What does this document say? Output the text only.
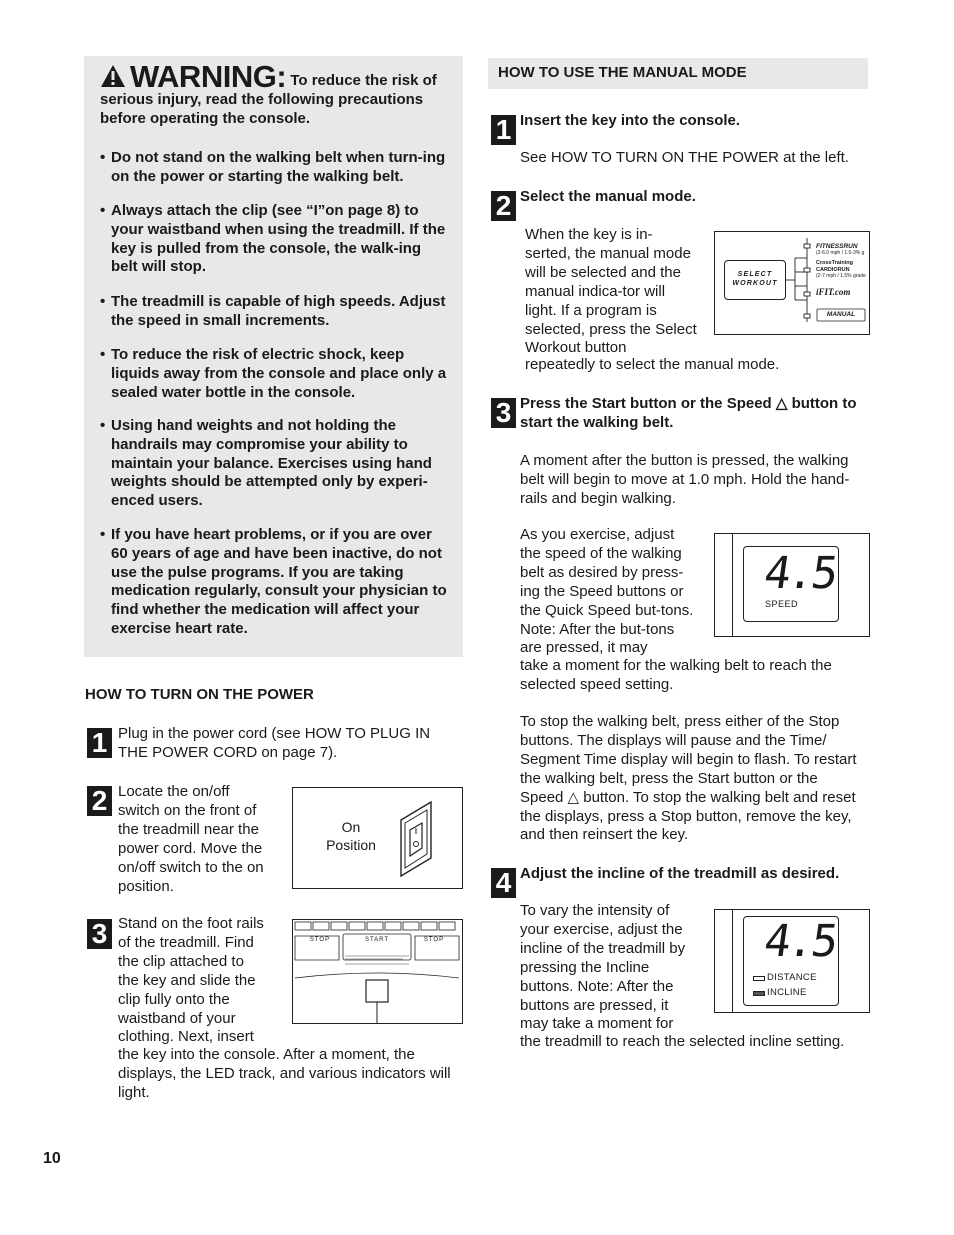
WARNING: To reduce the risk of serious injury, read the following precautions before operating the console.
• Do not stand on the walking belt when turn-ing on the power or starting the walking belt.
• Always attach the clip (see “I”on page 8) to your waistband when using the treadmill. If the key is pulled from the console, the walk-ing belt will stop.
• The treadmill is capable of high speeds. Adjust the speed in small increments.
• To reduce the risk of electric shock, keep liquids away from the console and place only a sealed water bottle in the console.
• Using hand weights and not holding the handrails may compromise your ability to maintain your balance. Exercises using hand weights should be attempted only by experi-enced users.
• If you have heart problems, or if you are over 60 years of age and have been inactive, do not use the pulse programs. If you are taking medication regularly, consult your physician to find whether the medication will affect your exercise heart rate.
HOW TO TURN ON THE POWER
1 Plug in the power cord (see HOW TO PLUG IN THE POWER CORD on page 7).
2 Locate the on/off switch on the front of the treadmill near the power cord. Move the on/off switch to the on position.
On Position
3 Stand on the foot rails of the treadmill. Find the clip attached to the key and slide the clip fully onto the waistband of your clothing. Next, insert
the key into the console. After a moment, the displays, the LED track, and various indicators will light.
STOP	START	STOP
HOW TO USE THE MANUAL MODE
1 Insert the key into the console.
See HOW TO TURN ON THE POWER at the left.
2 Select the manual mode.
When the key is in-serted, the manual mode will be selected and the manual indica-tor will light. If a program is selected, press the Select Workout button
repeatedly to select the manual mode.
SELECT WORKOUT
FITNESSRUN
(2-6.0 mph / 1.5-3% g
CrossTraining CARDIORUN
(2-7 mph / 1.5% grade
iFIT.com
MANUAL
3 Press the Start button or the Speed △ button to start the walking belt.
A moment after the button is pressed, the walking belt will begin to move at 1.0 mph. Hold the hand-rails and begin walking.
As you exercise, adjust the speed of the walking belt as desired by press-ing the Speed buttons or the Quick Speed but-tons. Note: After the but-tons are pressed, it may
take a moment for the walking belt to reach the selected speed setting.
4.5
SPEED
To stop the walking belt, press either of the Stop buttons. The displays will pause and the Time/ Segment Time display will begin to flash. To restart the walking belt, press the Start button or the Speed △ button. To stop the walking belt and reset the displays, press a Stop button, remove the key, and then reinsert the key.
4 Adjust the incline of the treadmill as desired.
To vary the intensity of your exercise, adjust the incline of the treadmill by pressing the Incline buttons. Note: After the buttons are pressed, it may take a moment for
the treadmill to reach the selected incline setting.
4.5
DISTANCE
INCLINE
10
